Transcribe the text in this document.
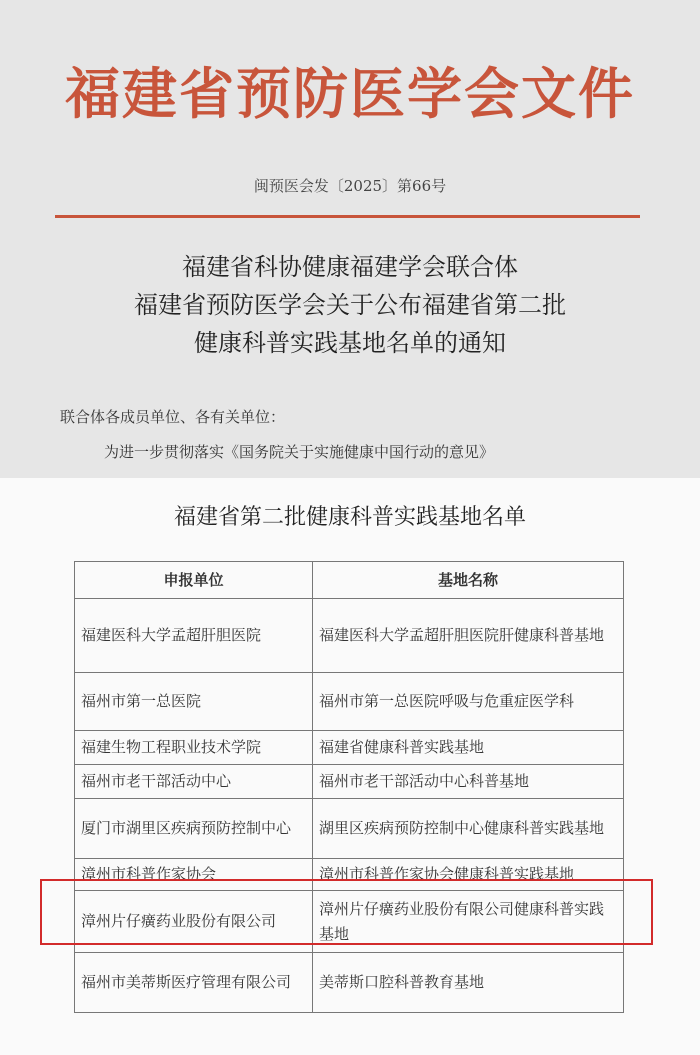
福建省预防医学会文件
闽预医会发〔2025〕第66号
福建省科协健康福建学会联合体
福建省预防医学会关于公布福建省第二批
健康科普实践基地名单的通知
联合体各成员单位、各有关单位：
为进一步贯彻落实《国务院关于实施健康中国行动的意见》
福建省第二批健康科普实践基地名单
申报单位	基地名称
福建医科大学孟超肝胆医院	福建医科大学孟超肝胆医院肝健康科普基地
福州市第一总医院	福州市第一总医院呼吸与危重症医学科
福建生物工程职业技术学院	福建省健康科普实践基地
福州市老干部活动中心	福州市老干部活动中心科普基地
厦门市湖里区疾病预防控制中心	湖里区疾病预防控制中心健康科普实践基地
漳州市科普作家协会	漳州市科普作家协会健康科普实践基地
漳州片仔癀药业股份有限公司	漳州片仔癀药业股份有限公司健康科普实践基地
福州市美蒂斯医疗管理有限公司	美蒂斯口腔科普教育基地
